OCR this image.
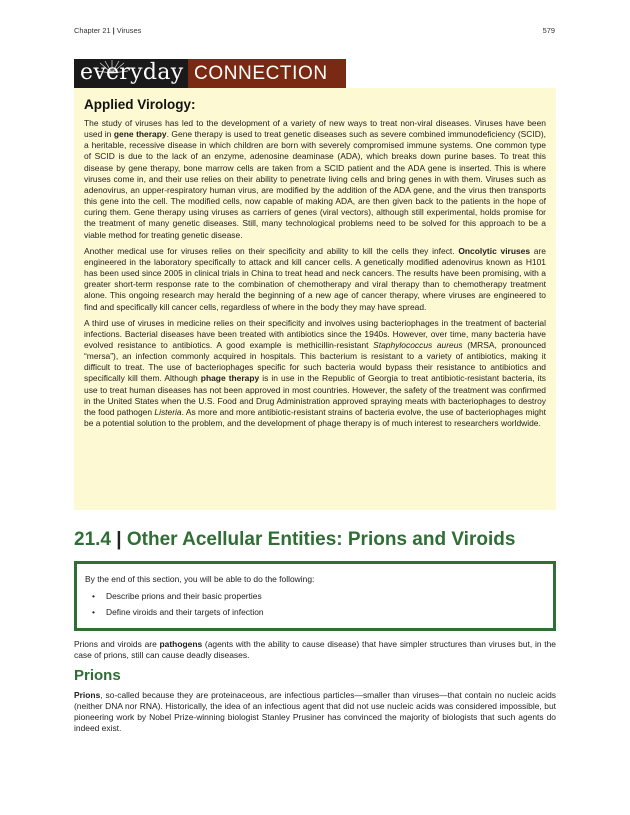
Chapter 21 | Viruses	579
everyday CONNECTION
Applied Virology:

The study of viruses has led to the development of a variety of new ways to treat non-viral diseases. Viruses have been used in gene therapy. Gene therapy is used to treat genetic diseases such as severe combined immunodeficiency (SCID), a heritable, recessive disease in which children are born with severely compromised immune systems. One common type of SCID is due to the lack of an enzyme, adenosine deaminase (ADA), which breaks down purine bases. To treat this disease by gene therapy, bone marrow cells are taken from a SCID patient and the ADA gene is inserted. This is where viruses come in, and their use relies on their ability to penetrate living cells and bring genes in with them. Viruses such as adenovirus, an upper-respiratory human virus, are modified by the addition of the ADA gene, and the virus then transports this gene into the cell. The modified cells, now capable of making ADA, are then given back to the patients in the hope of curing them. Gene therapy using viruses as carriers of genes (viral vectors), although still experimental, holds promise for the treatment of many genetic diseases. Still, many technological problems need to be solved for this approach to be a viable method for treating genetic disease.

Another medical use for viruses relies on their specificity and ability to kill the cells they infect. Oncolytic viruses are engineered in the laboratory specifically to attack and kill cancer cells. A genetically modified adenovirus known as H101 has been used since 2005 in clinical trials in China to treat head and neck cancers. The results have been promising, with a greater short-term response rate to the combination of chemotherapy and viral therapy than to chemotherapy treatment alone. This ongoing research may herald the beginning of a new age of cancer therapy, where viruses are engineered to find and specifically kill cancer cells, regardless of where in the body they may have spread.

A third use of viruses in medicine relies on their specificity and involves using bacteriophages in the treatment of bacterial infections. Bacterial diseases have been treated with antibiotics since the 1940s. However, over time, many bacteria have evolved resistance to antibiotics. A good example is methicillin-resistant Staphylococcus aureus (MRSA, pronounced “mersa”), an infection commonly acquired in hospitals. This bacterium is resistant to a variety of antibiotics, making it difficult to treat. The use of bacteriophages specific for such bacteria would bypass their resistance to antibiotics and specifically kill them. Although phage therapy is in use in the Republic of Georgia to treat antibiotic-resistant bacteria, its use to treat human diseases has not been approved in most countries. However, the safety of the treatment was confirmed in the United States when the U.S. Food and Drug Administration approved spraying meats with bacteriophages to destroy the food pathogen Listeria. As more and more antibiotic-resistant strains of bacteria evolve, the use of bacteriophages might be a potential solution to the problem, and the development of phage therapy is of much interest to researchers worldwide.

21.4 | Other Acellular Entities: Prions and Viroids
By the end of this section, you will be able to do the following:
• Describe prions and their basic properties
• Define viroids and their targets of infection

Prions and viroids are pathogens (agents with the ability to cause disease) that have simpler structures than viruses but, in the case of prions, still can cause deadly diseases.

Prions

Prions, so-called because they are proteinaceous, are infectious particles—smaller than viruses—that contain no nucleic acids (neither DNA nor RNA). Historically, the idea of an infectious agent that did not use nucleic acids was considered impossible, but pioneering work by Nobel Prize-winning biologist Stanley Prusiner has convinced the majority of biologists that such agents do indeed exist.
